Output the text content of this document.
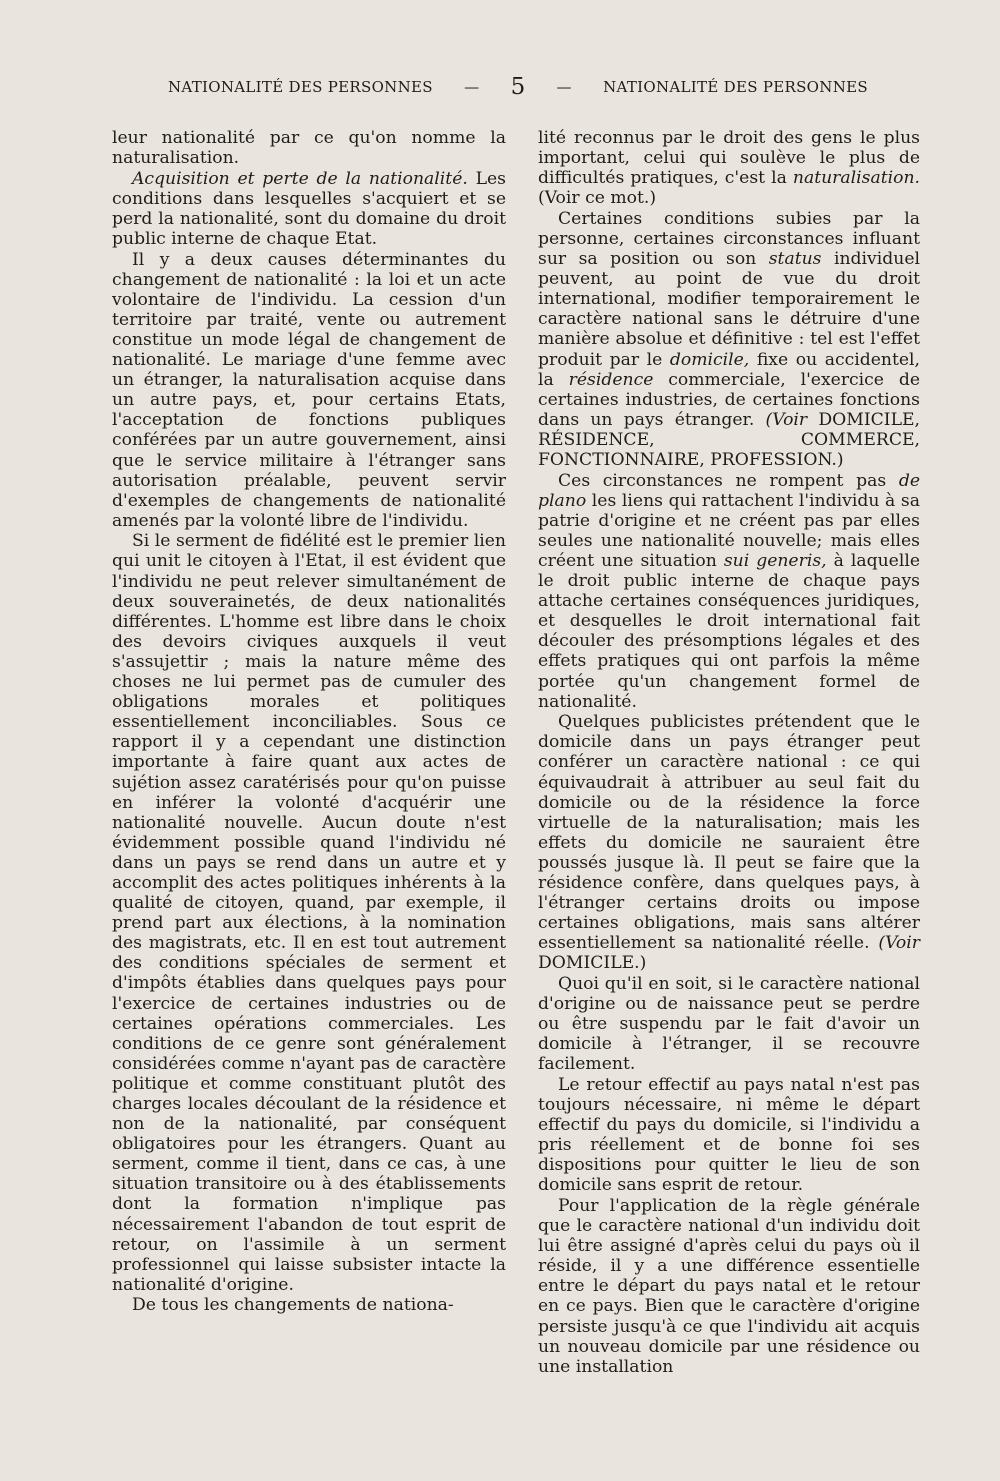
NATIONALITÉ DES PERSONNES — 5 — NATIONALITÉ DES PERSONNES

leur nationalité par ce qu'on nomme la naturalisation.

Acquisition et perte de la nationalité. Les conditions dans lesquelles s'acquiert et se perd la nationalité, sont du domaine du droit public interne de chaque Etat.

Il y a deux causes déterminantes du changement de nationalité : la loi et un acte volontaire de l'individu. La cession d'un territoire par traité, vente ou autrement constitue un mode légal de changement de nationalité. Le mariage d'une femme avec un étranger, la naturalisation acquise dans un autre pays, et, pour certains Etats, l'acceptation de fonctions publiques conférées par un autre gouvernement, ainsi que le service militaire à l'étranger sans autorisation préalable, peuvent servir d'exemples de changements de nationalité amenés par la volonté libre de l'individu.

Si le serment de fidélité est le premier lien qui unit le citoyen à l'Etat, il est évident que l'individu ne peut relever simultanément de deux souverainetés, de deux nationalités différentes. L'homme est libre dans le choix des devoirs civiques auxquels il veut s'assujettir ; mais la nature même des choses ne lui permet pas de cumuler des obligations morales et politiques essentiellement inconciliables. Sous ce rapport il y a cependant une distinction importante à faire quant aux actes de sujétion assez caratérisés pour qu'on puisse en inférer la volonté d'acquérir une nationalité nouvelle. Aucun doute n'est évidemment possible quand l'individu né dans un pays se rend dans un autre et y accomplit des actes politiques inhérents à la qualité de citoyen, quand, par exemple, il prend part aux élections, à la nomination des magistrats, etc. Il en est tout autrement des conditions spéciales de serment et d'impôts établies dans quelques pays pour l'exercice de certaines industries ou de certaines opérations commerciales. Les conditions de ce genre sont généralement considérées comme n'ayant pas de caractère politique et comme constituant plutôt des charges locales découlant de la résidence et non de la nationalité, par conséquent obligatoires pour les étrangers. Quant au serment, comme il tient, dans ce cas, à une situation transitoire ou à des établissements dont la formation n'implique pas nécessairement l'abandon de tout esprit de retour, on l'assimile à un serment professionnel qui laisse subsister intacte la nationalité d'origine.

De tous les changements de nationa-

lité reconnus par le droit des gens le plus important, celui qui soulève le plus de difficultés pratiques, c'est la naturalisation. (Voir ce mot.)

Certaines conditions subies par la personne, certaines circonstances influant sur sa position ou son status individuel peuvent, au point de vue du droit international, modifier temporairement le caractère national sans le détruire d'une manière absolue et définitive : tel est l'effet produit par le domicile, fixe ou accidentel, la résidence commerciale, l'exercice de certaines industries, de certaines fonctions dans un pays étranger. (Voir DOMICILE, RÉSIDENCE, COMMERCE, FONCTIONNAIRE, PROFESSION.)

Ces circonstances ne rompent pas de plano les liens qui rattachent l'individu à sa patrie d'origine et ne créent pas par elles seules une nationalité nouvelle; mais elles créent une situation sui generis, à laquelle le droit public interne de chaque pays attache certaines conséquences juridiques, et desquelles le droit international fait découler des présomptions légales et des effets pratiques qui ont parfois la même portée qu'un changement formel de nationalité.

Quelques publicistes prétendent que le domicile dans un pays étranger peut conférer un caractère national : ce qui équivaudrait à attribuer au seul fait du domicile ou de la résidence la force virtuelle de la naturalisation; mais les effets du domicile ne sauraient être poussés jusque là. Il peut se faire que la résidence confère, dans quelques pays, à l'étranger certains droits ou impose certaines obligations, mais sans altérer essentiellement sa nationalité réelle. (Voir DOMICILE.)

Quoi qu'il en soit, si le caractère national d'origine ou de naissance peut se perdre ou être suspendu par le fait d'avoir un domicile à l'étranger, il se recouvre facilement.

Le retour effectif au pays natal n'est pas toujours nécessaire, ni même le départ effectif du pays du domicile, si l'individu a pris réellement et de bonne foi ses dispositions pour quitter le lieu de son domicile sans esprit de retour.

Pour l'application de la règle générale que le caractère national d'un individu doit lui être assigné d'après celui du pays où il réside, il y a une différence essentielle entre le départ du pays natal et le retour en ce pays. Bien que le caractère d'origine persiste jusqu'à ce que l'individu ait acquis un nouveau domicile par une résidence ou une installation
